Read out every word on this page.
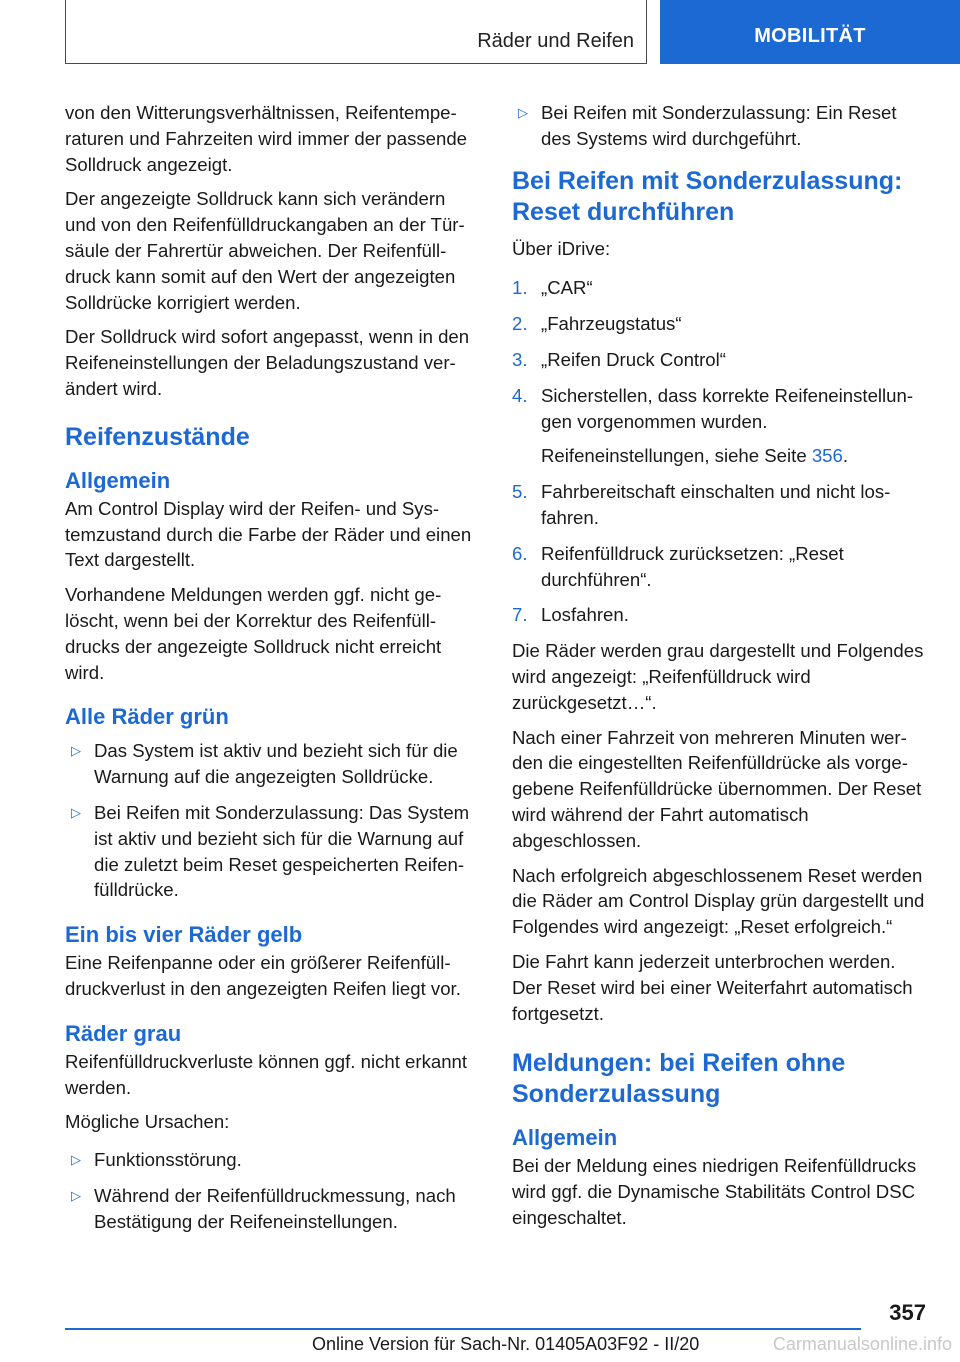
Räder und Reifen	MOBILITÄT

von den Witterungsverhältnissen, Reifentemperaturen und Fahrzeiten wird immer der passende Solldruck angezeigt.

Der angezeigte Solldruck kann sich verändern und von den Reifenfülldruckangaben an der Türsäule der Fahrertür abweichen. Der Reifenfülldruck kann somit auf den Wert der angezeigten Solldrücke korrigiert werden.

Der Solldruck wird sofort angepasst, wenn in den Reifeneinstellungen der Beladungszustand verändert wird.

Reifenzustände
Allgemein

Am Control Display wird der Reifen- und Systemzustand durch die Farbe der Räder und einen Text dargestellt.

Vorhandene Meldungen werden ggf. nicht gelöscht, wenn bei der Korrektur des Reifenfülldrucks der angezeigte Solldruck nicht erreicht wird.

Alle Räder grün
▷ Das System ist aktiv und bezieht sich für die Warnung auf die angezeigten Solldrücke.
▷ Bei Reifen mit Sonderzulassung: Das System ist aktiv und bezieht sich für die Warnung auf die zuletzt beim Reset gespeicherten Reifenfülldrücke.
Ein bis vier Räder gelb

Eine Reifenpanne oder ein größerer Reifenfülldruckverlust in den angezeigten Reifen liegt vor.

Räder grau

Reifenfülldruckverluste können ggf. nicht erkannt werden.

Mögliche Ursachen:

▷ Funktionsstörung.
▷ Während der Reifenfülldruckmessung, nach Bestätigung der Reifeneinstellungen.
▷ Bei Reifen mit Sonderzulassung: Ein Reset des Systems wird durchgeführt.
Bei Reifen mit Sonderzulassung: Reset durchführen

Über iDrive:

1. „CAR“
2. „Fahrzeugstatus“
3. „Reifen Druck Control“
4. Sicherstellen, dass korrekte Reifeneinstellungen vorgenommen wurden.
Reifeneinstellungen, siehe Seite 356.
5. Fahrbereitschaft einschalten und nicht losfahren.
6. Reifenfülldruck zurücksetzen: „Reset durchführen“.
7. Losfahren.

Die Räder werden grau dargestellt und Folgendes wird angezeigt: „Reifenfülldruck wird zurückgesetzt…“.

Nach einer Fahrzeit von mehreren Minuten werden die eingestellten Reifenfülldrücke als vorgegebene Reifenfülldrücke übernommen. Der Reset wird während der Fahrt automatisch abgeschlossen.

Nach erfolgreich abgeschlossenem Reset werden die Räder am Control Display grün dargestellt und Folgendes wird angezeigt: „Reset erfolgreich.“

Die Fahrt kann jederzeit unterbrochen werden. Der Reset wird bei einer Weiterfahrt automatisch fortgesetzt.

Meldungen: bei Reifen ohne Sonderzulassung
Allgemein

Bei der Meldung eines niedrigen Reifenfülldrucks wird ggf. die Dynamische Stabilitäts Control DSC eingeschaltet.

357
Online Version für Sach-Nr. 01405A03F92 - II/20	Carmanualsonline.info
